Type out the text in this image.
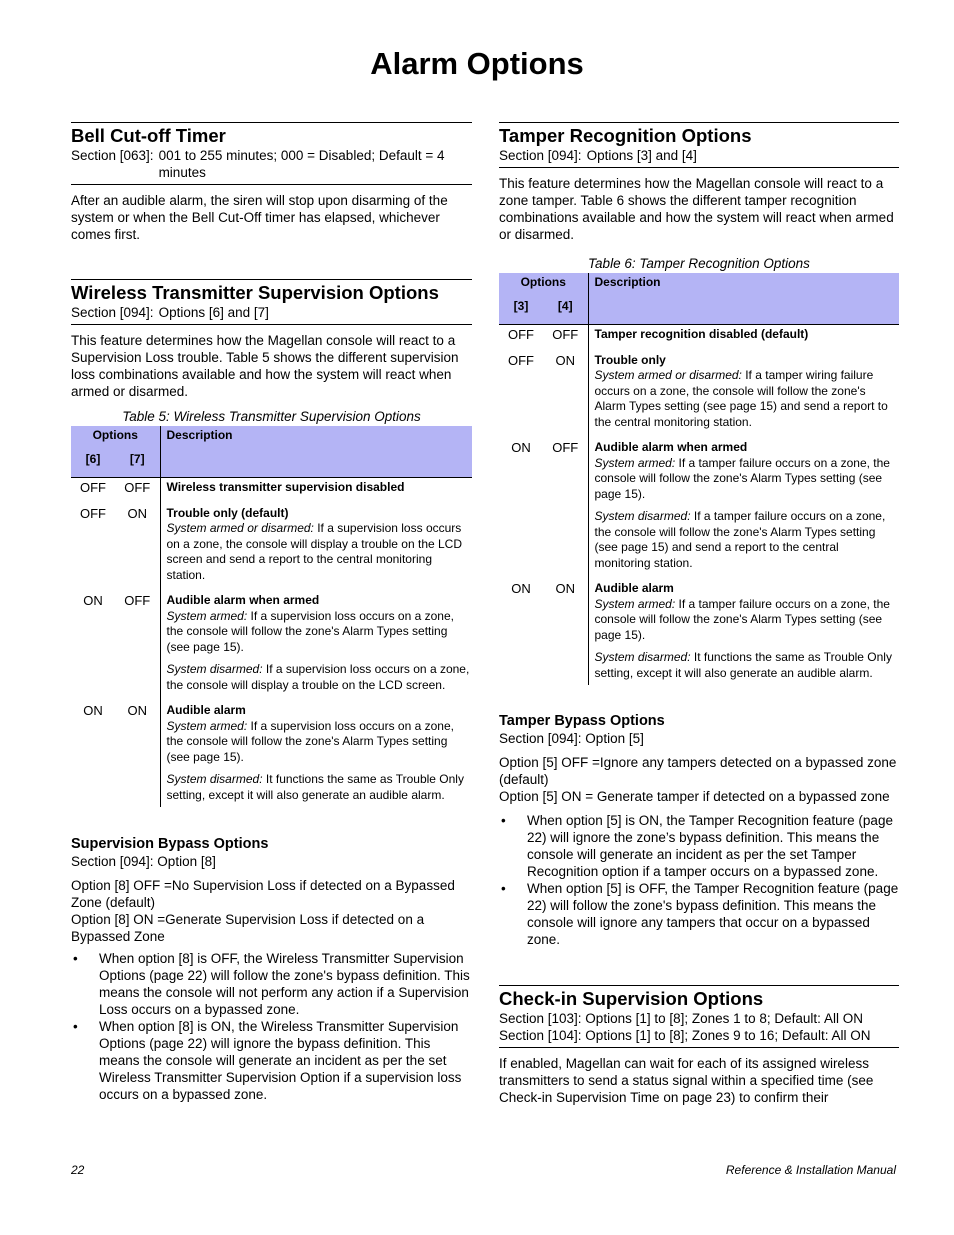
Alarm Options
Bell Cut-off Timer
Section [063]: 001 to 255 minutes; 000 = Disabled; Default = 4 minutes

After an audible alarm, the siren will stop upon disarming of the system or when the Bell Cut-Off timer has elapsed, whichever comes first.

Wireless Transmitter Supervision Options
Section [094]: Options [6] and [7]

This feature determines how the Magellan console will react to a Supervision Loss trouble. Table 5 shows the different supervision loss combinations available and how the system will react when armed or disarmed.

Table 5: Wireless Transmitter Supervision Options
Options		Description
[6]	[7]	
OFF	OFF	Wireless transmitter supervision disabled

OFF	ON	Trouble only (default)
System armed or disarmed: If a supervision loss occurs on a zone, the console will display a trouble on the LCD screen and send a report to the central monitoring station.

ON	OFF	Audible alarm when armed
System armed: If a supervision loss occurs on a zone, the console will follow the zone's Alarm Types setting (see page 15).
System disarmed: If a supervision loss occurs on a zone, the console will display a trouble on the LCD screen.

ON	ON	Audible alarm
System armed: If a supervision loss occurs on a zone, the console will follow the zone's Alarm Types setting (see page 15).
System disarmed: It functions the same as Trouble Only setting, except it will also generate an audible alarm.
Supervision Bypass Options
Section [094]: Option [8]

Option [8] OFF =No Supervision Loss if detected on a Bypassed Zone (default)

Option [8] ON =Generate Supervision Loss if detected on a Bypassed Zone

• When option [8] is OFF, the Wireless Transmitter Supervision Options (page 22) will follow the zone's bypass definition. This means the console will not perform any action if a Supervision Loss occurs on a bypassed zone.
• When option [8] is ON, the Wireless Transmitter Supervision Options (page 22) will ignore the bypass definition. This means the console will generate an incident as per the set Wireless Transmitter Supervision Option if a supervision loss occurs on a bypassed zone.
Tamper Recognition Options
Section [094]: Options [3] and [4]

This feature determines how the Magellan console will react to a zone tamper. Table 6 shows the different tamper recognition combinations available and how the system will react when armed or disarmed.

Table 6: Tamper Recognition Options
Options		Description
[3]	[4]	
OFF	OFF	Tamper recognition disabled (default)

OFF	ON	Trouble only
System armed or disarmed: If a tamper wiring failure occurs on a zone, the console will follow the zone's Alarm Types setting (see page 15) and send a report to the central monitoring station.

ON	OFF	Audible alarm when armed
System armed: If a tamper failure occurs on a zone, the console will follow the zone's Alarm Types setting (see page 15).
System disarmed: If a tamper failure occurs on a zone, the console will follow the zone's Alarm Types setting (see page 15) and send a report to the central monitoring station.

ON	ON	Audible alarm
System armed: If a tamper failure occurs on a zone, the console will follow the zone's Alarm Types setting (see page 15).
System disarmed: It functions the same as Trouble Only setting, except it will also generate an audible alarm.
Tamper Bypass Options
Section [094]: Option [5]

Option [5] OFF =Ignore any tampers detected on a bypassed zone (default)

Option [5] ON = Generate tamper if detected on a bypassed zone

• When option [5] is ON, the Tamper Recognition feature (page 22) will ignore the zone’s bypass definition. This means the console will generate an incident as per the set Tamper Recognition option if a tamper occurs on a bypassed zone.
• When option [5] is OFF, the Tamper Recognition feature (page 22) will follow the zone's bypass definition. This means the console will ignore any tampers that occur on a bypassed zone.
Check-in Supervision Options
Section [103]: Options [1] to [8]; Zones 1 to 8; Default: All ON
Section [104]: Options [1] to [8]; Zones 9 to 16; Default: All ON

If enabled, Magellan can wait for each of its assigned wireless transmitters to send a status signal within a specified time (see Check-in Supervision Time on page 23) to confirm their

22	Reference & Installation Manual
